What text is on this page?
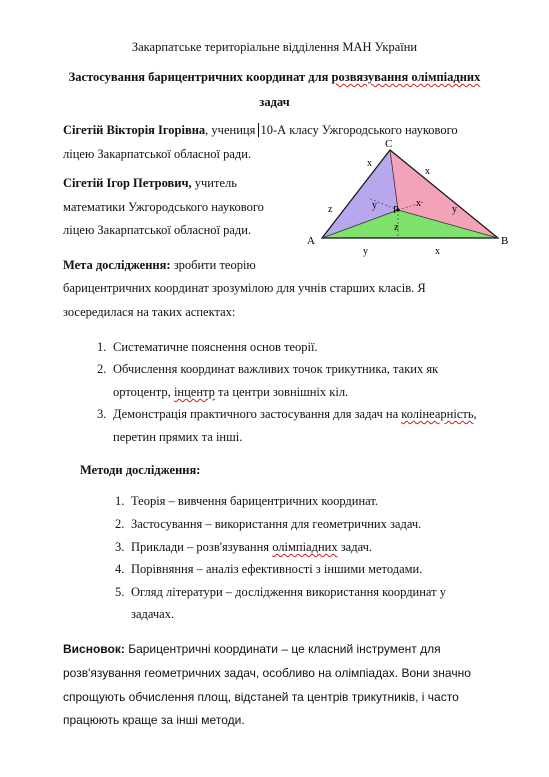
Закарпатське територіальне відділення МАН України
Застосування барицентричних координат для розвязування олімпіадних
задач
Сігетій Вікторія Ігорівна, учениця 10-А класу Ужгородського наукового
ліцею Закарпатської обласної ради.
Сігетій Ігор Петрович, учитель
математики Ужгородського наукового
ліцею Закарпатської обласної ради.
A	B
C
P
x
y
z
x
y	x
z
y	x
Мета дослідження: зробити теорію
барицентричних координат зрозумілою для учнів старших класів. Я
зосередилася на таких аспектах:
1. Систематичне пояснення основ теорії.
2. Обчислення координат важливих точок трикутника, таких як
ортоцентр, інцентр та центри зовнішніх кіл.
3. Демонстрація практичного застосування для задач на колінеарність,
перетин прямих та інші.
Методи дослідження:
1. Теорія – вивчення барицентричних координат.
2. Застосування – використання для геометричних задач.
3. Приклади – розв'язування олімпіадних задач.
4. Порівняння – аналіз ефективності з іншими методами.
5. Огляд літератури – дослідження використання координат у
задачах.
Висновок: Барицентричні координати – це класний інструмент для
розв'язування геометричних задач, особливо на олімпіадах. Вони значно
спрощують обчислення площ, відстаней та центрів трикутників, і часто
працюють краще за інші методи.
